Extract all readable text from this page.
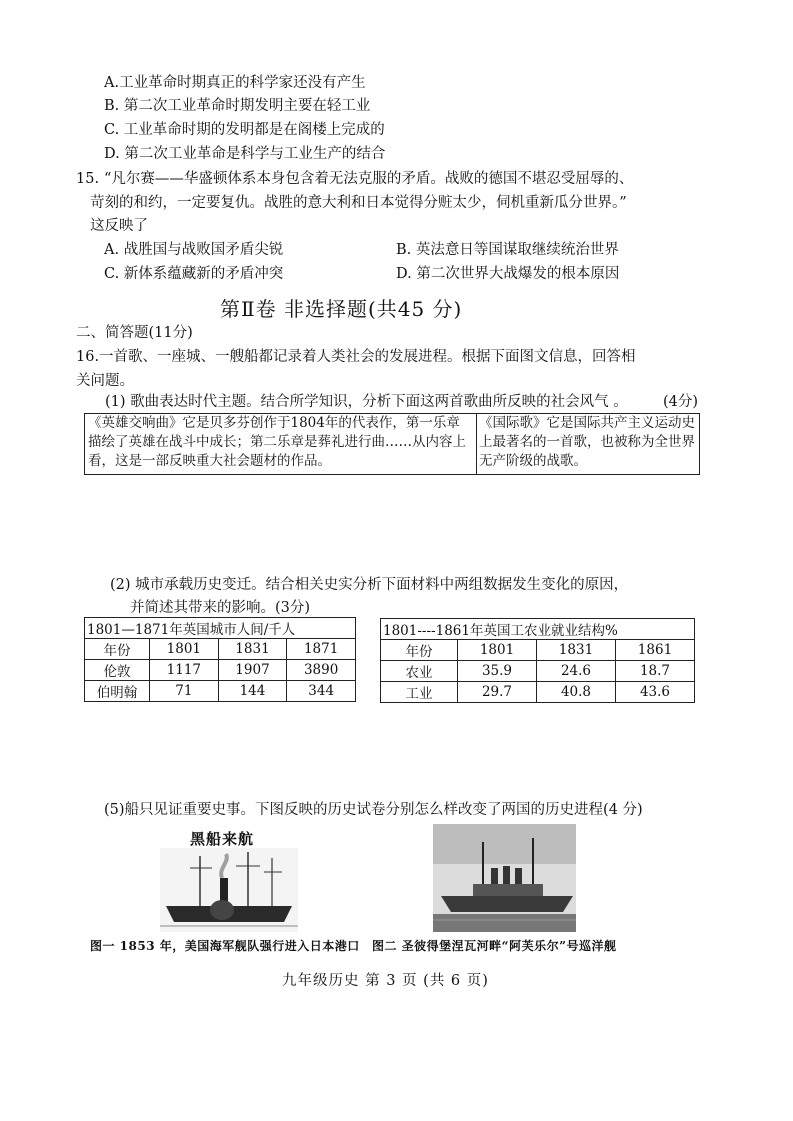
A.工业革命时期真正的科学家还没有产生
B. 第二次工业革命时期发明主要在轻工业
C. 工业革命时期的发明都是在阁楼上完成的
D. 第二次工业革命是科学与工业生产的结合
15. “凡尔赛——华盛顿体系本身包含着无法克服的矛盾。战败的德国不堪忍受屈辱的、
苛刻的和约，一定要复仇。战胜的意大利和日本觉得分赃太少，伺机重新瓜分世界。”
这反映了
A. 战胜国与战败国矛盾尖锐	B. 英法意日等国谋取继续统治世界
C. 新体系蕴藏新的矛盾冲突	D. 第二次世界大战爆发的根本原因
第Ⅱ卷 非选择题(共45 分)
二、简答题(11分)
16.一首歌、一座城、一艘船都记录着人类社会的发展进程。根据下面图文信息，回答相
关问题。
(1) 歌曲表达时代主题。结合所学知识，分析下面这两首歌曲所反映的社会风气 。 (4分)
《英雄交响曲》它是贝多芬创作于1804年的代表作，第一乐章描绘了英雄在战斗中成长；第二乐章是葬礼进行曲……从内容上看，这是一部反映重大社会题材的作品。
《国际歌》它是国际共产主义运动史上最著名的一首歌，也被称为全世界无产阶级的战歌。
(2) 城市承载历史变迁。结合相关史实分析下面材料中两组数据发生变化的原因，
并简述其带来的影响。(3分)
1801—1871年英国城市人间/千人			
年份	1801	1831	1871
伦敦	1117	1907	3890
伯明翰	71	144	344
1801----1861年英国工农业就业结构%			
年份	1801	1831	1861
农业	35.9	24.6	18.7
工业	29.7	40.8	43.6
(5)船只见证重要史事。下图反映的历史试卷分别怎么样改变了两国的历史进程(4 分)
黑船来航
图一 1853 年，美国海军舰队强行进入日本港口 图二 圣彼得堡涅瓦河畔“阿芙乐尔”号巡洋舰
九年级历史 第 3 页 (共 6 页)
